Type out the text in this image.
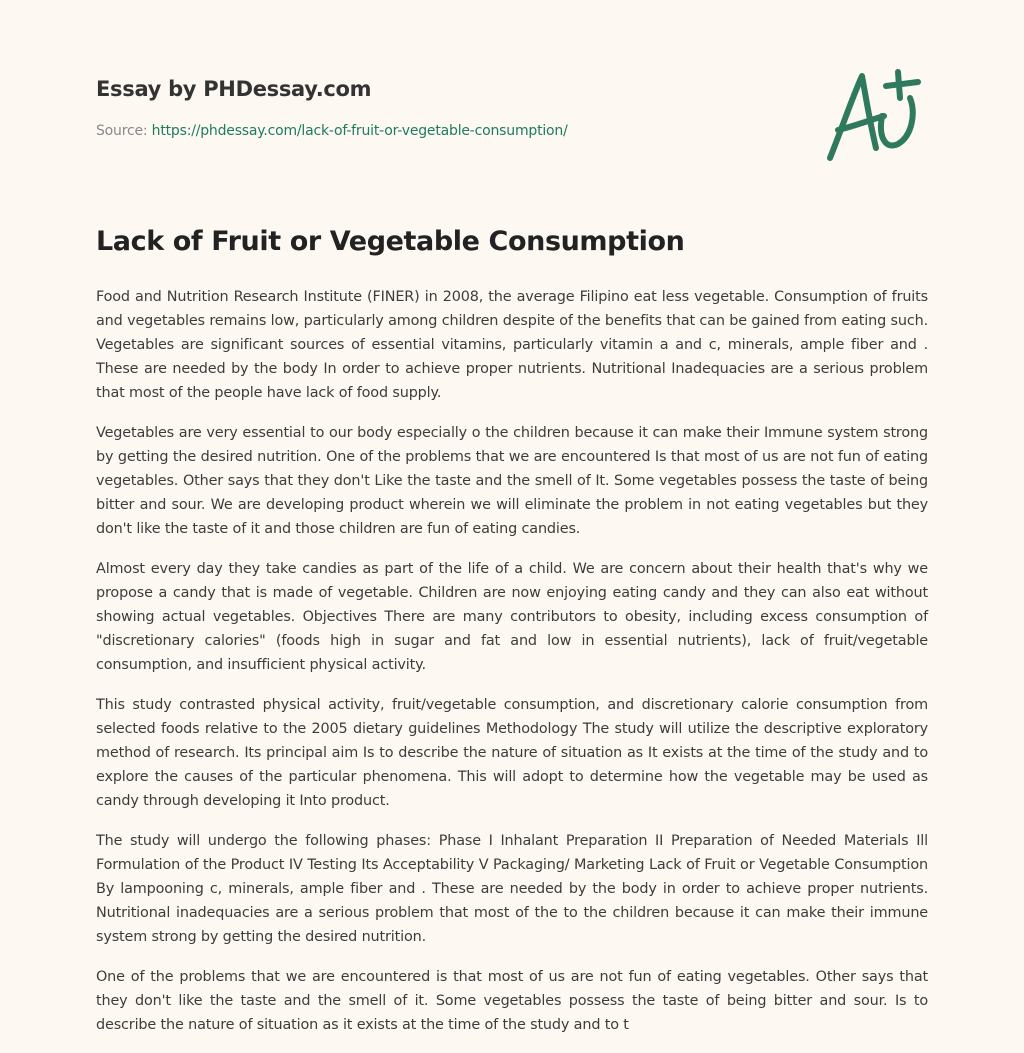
Essay by PHDessay.com
Source: https://phdessay.com/lack-of-fruit-or-vegetable-consumption/
Lack of Fruit or Vegetable Consumption

Food and Nutrition Research Institute (FINER) in 2008, the average Filipino eat less vegetable. Consumption of fruits and vegetables remains low, particularly among children despite of the benefits that can be gained from eating such. Vegetables are significant sources of essential vitamins, particularly vitamin a and c, minerals, ample fiber and . These are needed by the body In order to achieve proper nutrients. Nutritional Inadequacies are a serious problem that most of the people have lack of food supply.

Vegetables are very essential to our body especially o the children because it can make their Immune system strong by getting the desired nutrition. One of the problems that we are encountered Is that most of us are not fun of eating vegetables. Other says that they don't Like the taste and the smell of It. Some vegetables possess the taste of being bitter and sour. We are developing product wherein we will eliminate the problem in not eating vegetables but they don't like the taste of it and those children are fun of eating candies.

Almost every day they take candies as part of the life of a child. We are concern about their health that's why we propose a candy that is made of vegetable. Children are now enjoying eating candy and they can also eat without showing actual vegetables. Objectives There are many contributors to obesity, including excess consumption of "discretionary calories" (foods high in sugar and fat and low in essential nutrients), lack of fruit/vegetable consumption, and insufficient physical activity.

This study contrasted physical activity, fruit/vegetable consumption, and discretionary calorie consumption from selected foods relative to the 2005 dietary guidelines Methodology The study will utilize the descriptive exploratory method of research. Its principal aim Is to describe the nature of situation as It exists at the time of the study and to explore the causes of the particular phenomena. This will adopt to determine how the vegetable may be used as candy through developing it Into product.

The study will undergo the following phases: Phase I Inhalant Preparation II Preparation of Needed Materials Ill Formulation of the Product IV Testing Its Acceptability V Packaging/ Marketing Lack of Fruit or Vegetable Consumption By lampooning c, minerals, ample fiber and . These are needed by the body in order to achieve proper nutrients. Nutritional inadequacies are a serious problem that most of the to the children because it can make their immune system strong by getting the desired nutrition.

One of the problems that we are encountered is that most of us are not fun of eating vegetables. Other says that they don't like the taste and the smell of it. Some vegetables possess the taste of being bitter and sour. Is to describe the nature of situation as it exists at the time of the study and to t
